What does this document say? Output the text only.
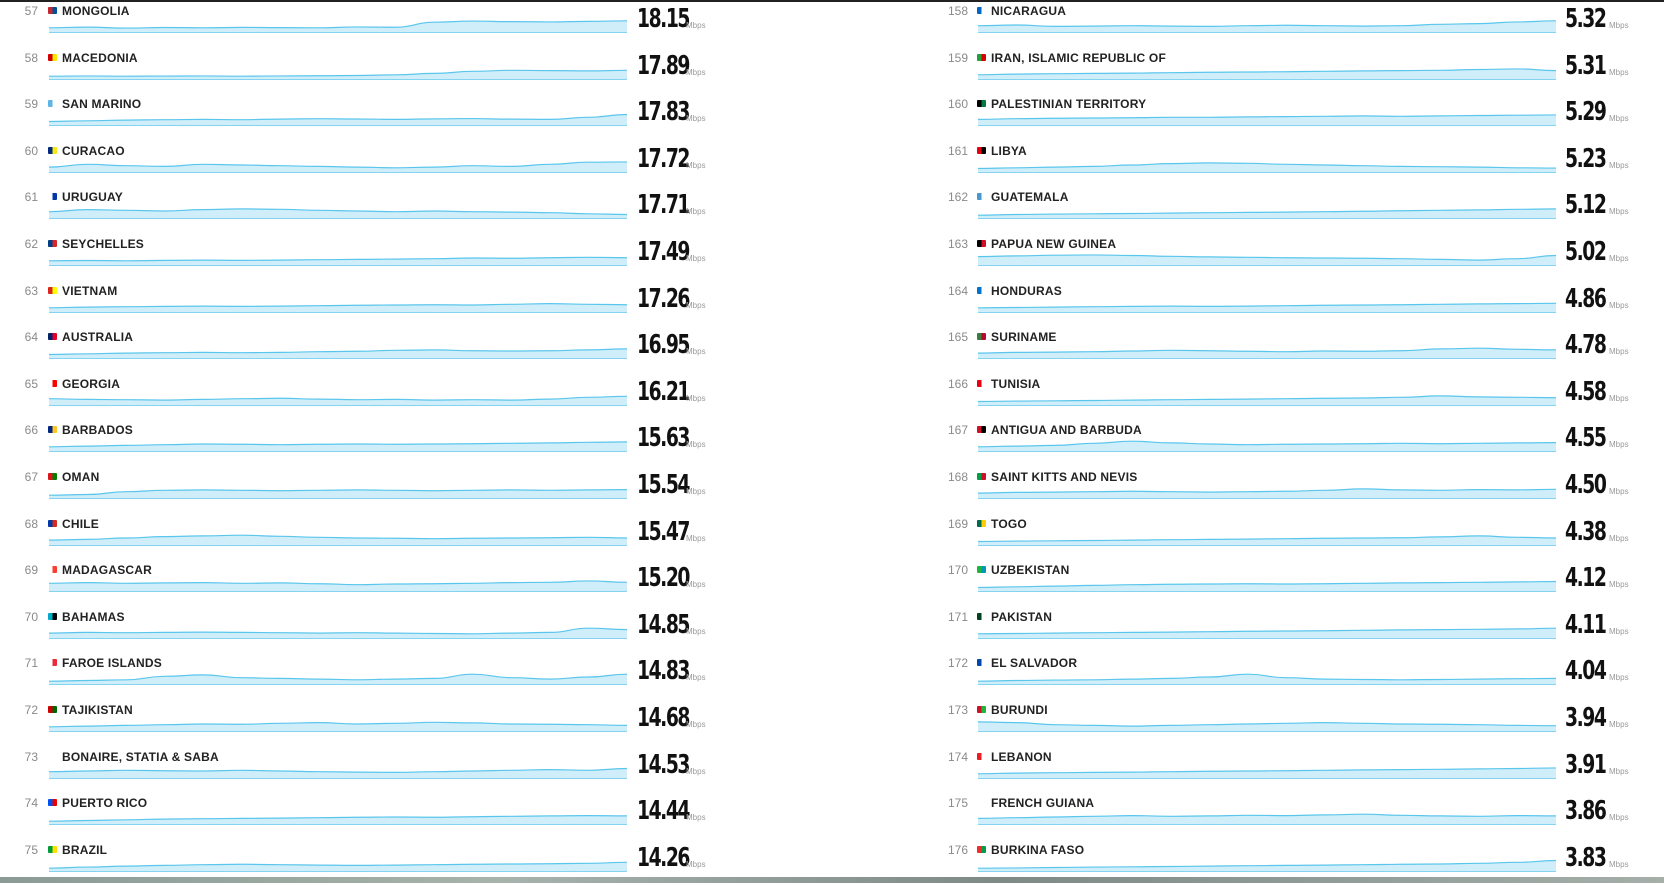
57 MONGOLIA	18.15
Mbps
58 MACEDONIA	17.89
Mbps
59 SAN MARINO	17.83
Mbps
60 CURACAO	17.72
Mbps
61 URUGUAY	17.71
Mbps
62 SEYCHELLES	17.49
Mbps
63 VIETNAM	17.26
Mbps
64 AUSTRALIA	16.95
Mbps
65 GEORGIA	16.21
Mbps
66 BARBADOS	15.63
Mbps
67 OMAN	15.54
Mbps
68 CHILE	15.47
Mbps
69 MADAGASCAR	15.20
Mbps
70 BAHAMAS	14.85
Mbps
71 FAROE ISLANDS	14.83
Mbps
72 TAJIKISTAN	14.68
Mbps
73 BONAIRE, STATIA & SABA	14.53
Mbps
74 PUERTO RICO	14.44
Mbps
75 BRAZIL	14.26
Mbps
158 NICARAGUA	5.32 Mbps
159 IRAN, ISLAMIC REPUBLIC OF	5.31 Mbps
160 PALESTINIAN TERRITORY	5.29 Mbps
161 LIBYA	5.23 Mbps
162 GUATEMALA	5.12 Mbps
163 PAPUA NEW GUINEA	5.02 Mbps
164 HONDURAS	4.86 Mbps
165 SURINAME	4.78 Mbps
166 TUNISIA	4.58 Mbps
167 ANTIGUA AND BARBUDA	4.55 Mbps
168 SAINT KITTS AND NEVIS	4.50 Mbps
169 TOGO	4.38 Mbps
170 UZBEKISTAN	4.12 Mbps
171 PAKISTAN	4.11 Mbps
172 EL SALVADOR	4.04 Mbps
173 BURUNDI	3.94 Mbps
174 LEBANON	3.91 Mbps
175 FRENCH GUIANA	3.86 Mbps
176 BURKINA FASO	3.83 Mbps
